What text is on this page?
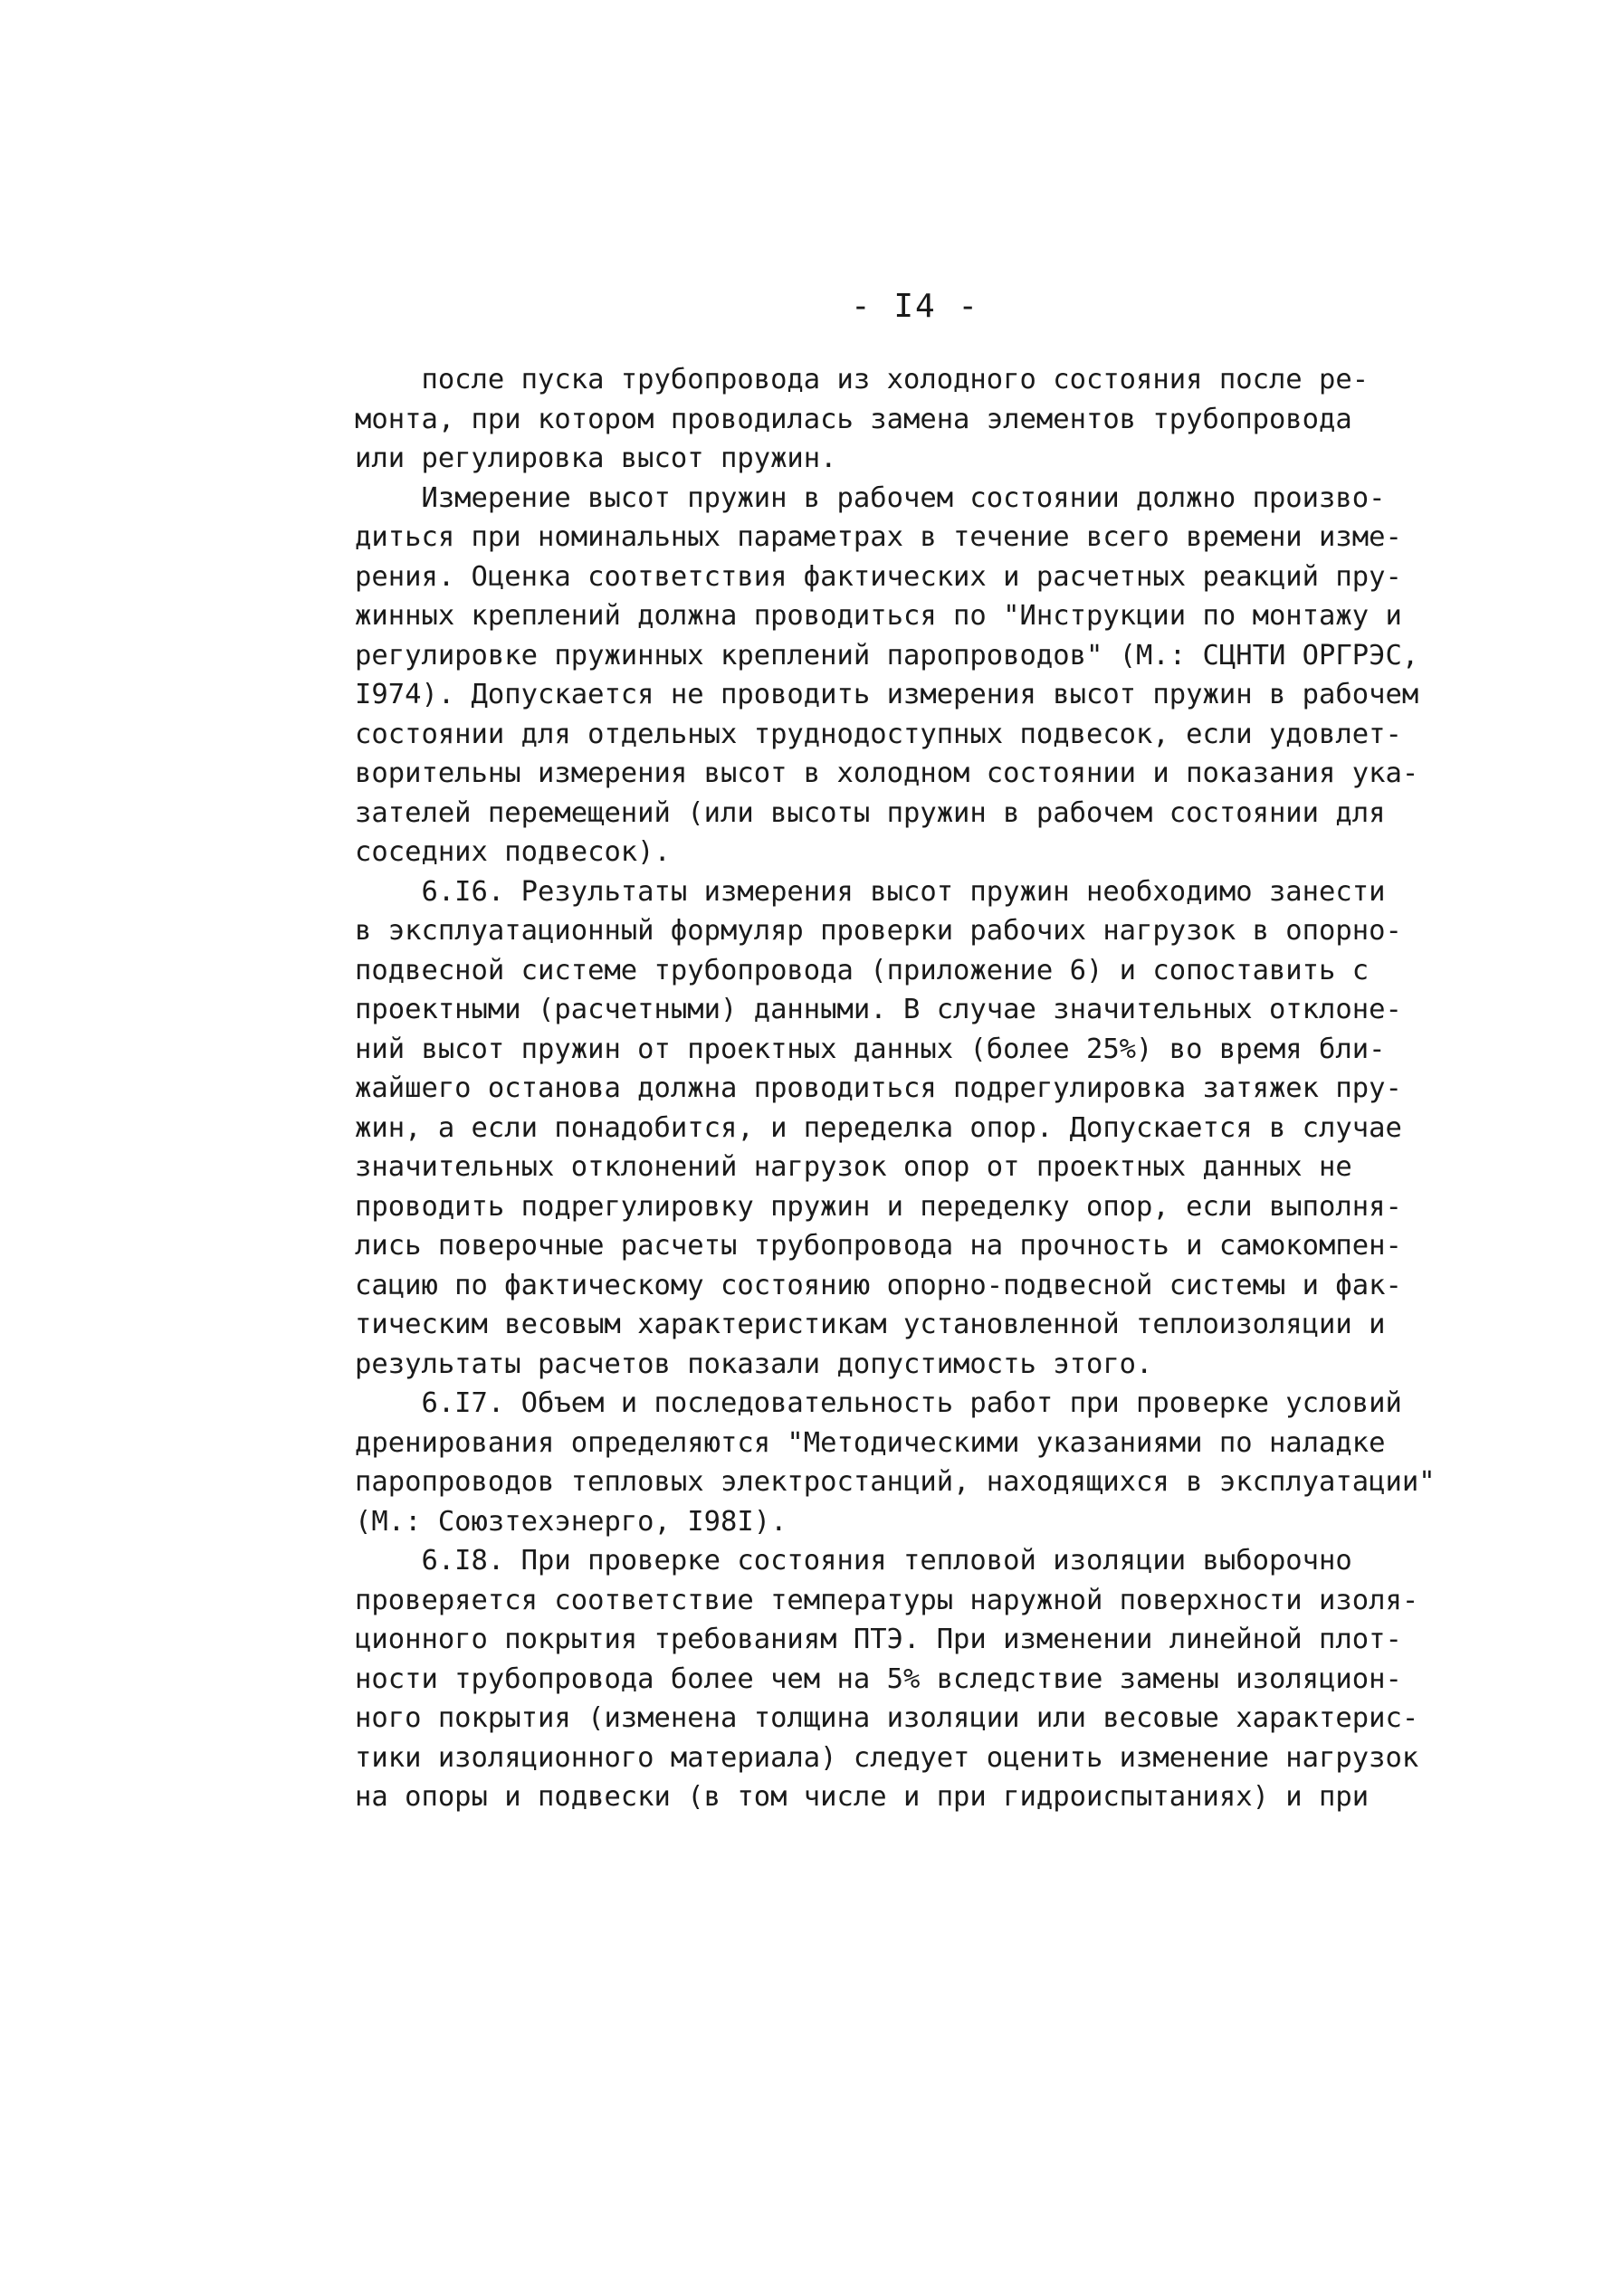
- I4 -
после пуска трубопровода из холодного состояния после ре-
монта, при котором проводилась замена элементов трубопровода
или регулировка высот пружин.
Измерение высот пружин в рабочем состоянии должно произво-
диться при номинальных параметрах в течение всего времени изме-
рения. Оценка соответствия фактических и расчетных реакций пру-
жинных креплений должна проводиться по "Инструкции по монтажу и
регулировке пружинных креплений паропроводов" (М.: СЦНТИ ОРГРЭС,
I974). Допускается не проводить измерения высот пружин в рабочем
состоянии для отдельных труднодоступных подвесок, если удовлет-
ворительны измерения высот в холодном состоянии и показания ука-
зателей перемещений (или высоты пружин в рабочем состоянии для
соседних подвесок).
6.I6. Результаты измерения высот пружин необходимо занести
в эксплуатационный формуляр проверки рабочих нагрузок в опорно-
подвесной системе трубопровода (приложение 6) и сопоставить с
проектными (расчетными) данными. В случае значительных отклоне-
ний высот пружин от проектных данных (более 25%) во время бли-
жайшего останова должна проводиться подрегулировка затяжек пру-
жин, а если понадобится, и переделка опор. Допускается в случае
значительных отклонений нагрузок опор от проектных данных не
проводить подрегулировку пружин и переделку опор, если выполня-
лись поверочные расчеты трубопровода на прочность и самокомпен-
сацию по фактическому состоянию опорно-подвесной системы и фак-
тическим весовым характеристикам установленной теплоизоляции и
результаты расчетов показали допустимость этого.
6.I7. Объем и последовательность работ при проверке условий
дренирования определяются "Методическими указаниями по наладке
паропроводов тепловых электростанций, находящихся в эксплуатации"
(М.: Союзтехэнерго, I98I).
6.I8. При проверке состояния тепловой изоляции выборочно
проверяется соответствие температуры наружной поверхности изоля-
ционного покрытия требованиям ПТЭ. При изменении линейной плот-
ности трубопровода более чем на 5% вследствие замены изоляцион-
ного покрытия (изменена толщина изоляции или весовые характерис-
тики изоляционного материала) следует оценить изменение нагрузок
на опоры и подвески (в том числе и при гидроиспытаниях) и при
